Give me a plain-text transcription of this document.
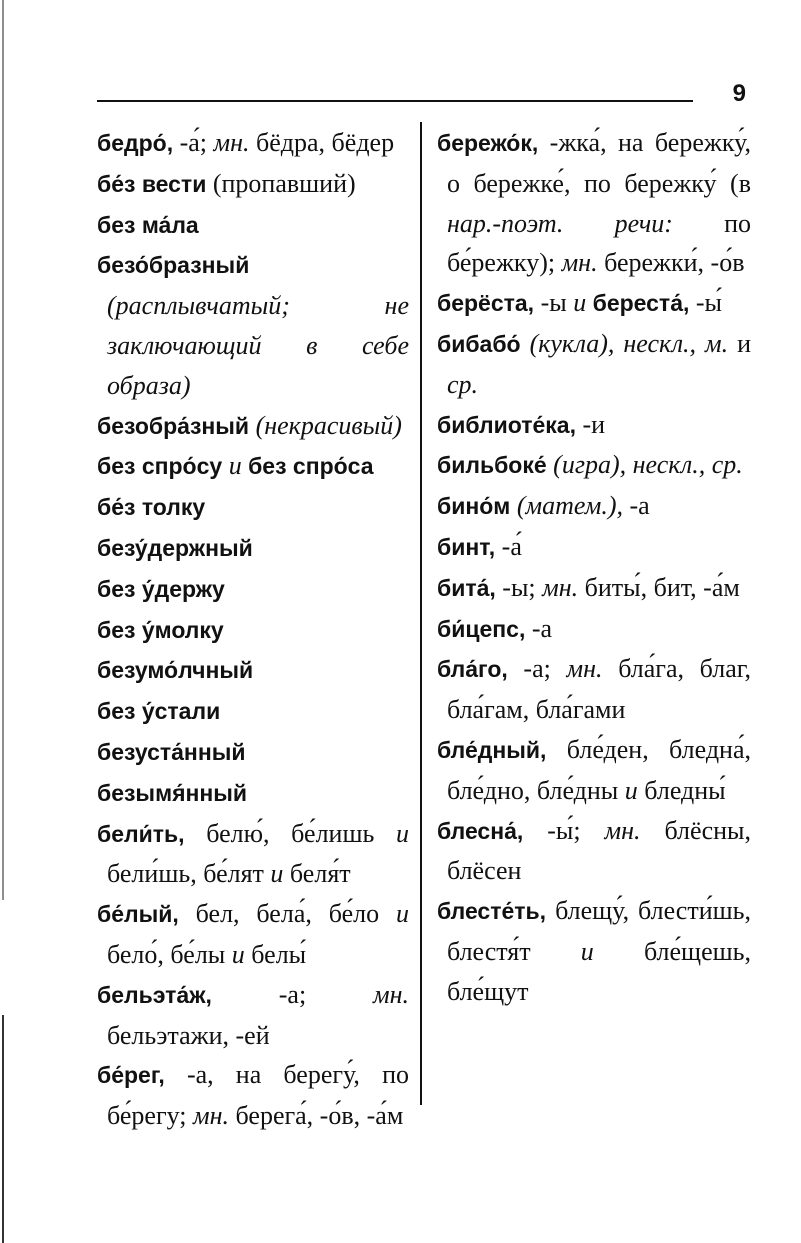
9

бедро́, -а́; мн. бёдра, бёдер

бе́з вести (пропавший)

без ма́ла

безо́бразный (расплывчатый; не заключающий в себе образа)

безобра́зный (некрасивый)

без спро́су и без спро́са

бе́з толку

безу́держный

без у́держу

без у́молку

безумо́лчный

без у́стали

безуста́нный

безымя́нный

бели́ть, белю́, бе́лишь и бели́шь, бе́лят и беля́т

бе́лый, бел, бела́, бе́ло и бело́, бе́лы и белы́

бельэта́ж, -а; мн. бельэтажи, -ей

бе́рег, -а, на берегу́, по бе́регу; мн. берега́, -о́в, -а́м

бережо́к, -жка́, на бережку́, о бережке́, по бережку́ (в нар.-поэт. речи: по бе́режку); мн. бережки́, -о́в

берёста, -ы и береста́, -ы́

бибабо́ (кукла), нескл., м. и ср.

библиоте́ка, -и

бильбоке́ (игра), нескл., ср.

бино́м (матем.), -а

бинт, -а́

бита́, -ы; мн. биты́, бит, -а́м

би́цепс, -а

бла́го, -а; мн. бла́га, благ, бла́гам, бла́гами

бле́дный, бле́ден, бледна́, бле́дно, бле́дны и бледны́

блесна́, -ы́; мн. блёсны, блёсен

блесте́ть, блещу́, блести́шь, блестя́т и бле́щешь, бле́щут
